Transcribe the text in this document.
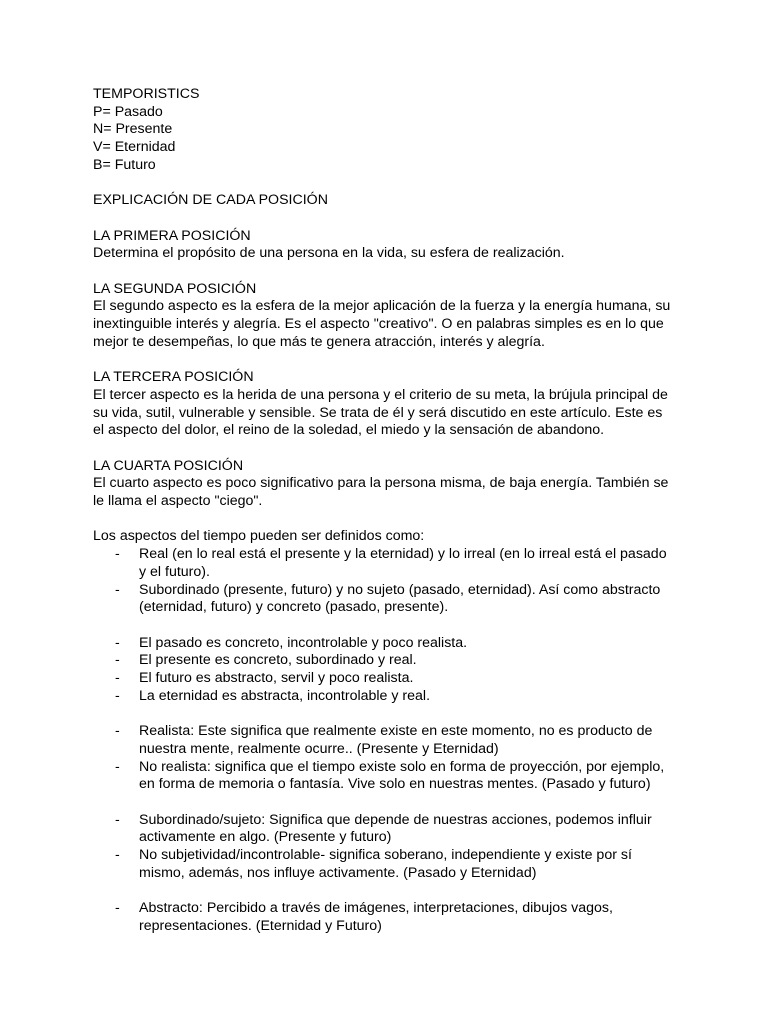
TEMPORISTICS
P= Pasado
N= Presente
V= Eternidad
B= Futuro
EXPLICACIÓN DE CADA POSICIÓN
LA PRIMERA POSICIÓN
Determina el propósito de una persona en la vida, su esfera de realización.
LA SEGUNDA POSICIÓN
El segundo aspecto es la esfera de la mejor aplicación de la fuerza y la energía humana, su
inextinguible interés y alegría. Es el aspecto "creativo". O en palabras simples es en lo que
mejor te desempeñas, lo que más te genera atracción, interés y alegría.
LA TERCERA POSICIÓN
El tercer aspecto es la herida de una persona y el criterio de su meta, la brújula principal de
su vida, sutil, vulnerable y sensible. Se trata de él y será discutido en este artículo. Este es
el aspecto del dolor, el reino de la soledad, el miedo y la sensación de abandono.
LA CUARTA POSICIÓN
El cuarto aspecto es poco significativo para la persona misma, de baja energía. También se
le llama el aspecto "ciego".
Los aspectos del tiempo pueden ser definidos como:
- Real (en lo real está el presente y la eternidad) y lo irreal (en lo irreal está el pasado
y el futuro).
- Subordinado (presente, futuro) y no sujeto (pasado, eternidad). Así como abstracto
(eternidad, futuro) y concreto (pasado, presente).
- El pasado es concreto, incontrolable y poco realista.
- El presente es concreto, subordinado y real.
- El futuro es abstracto, servil y poco realista.
- La eternidad es abstracta, incontrolable y real.
- Realista: Este significa que realmente existe en este momento, no es producto de
nuestra mente, realmente ocurre.. (Presente y Eternidad)
- No realista: significa que el tiempo existe solo en forma de proyección, por ejemplo,
en forma de memoria o fantasía. Vive solo en nuestras mentes. (Pasado y futuro)
- Subordinado/sujeto: Significa que depende de nuestras acciones, podemos influir
activamente en algo. (Presente y futuro)
- No subjetividad/incontrolable- significa soberano, independiente y existe por sí
mismo, además, nos influye activamente. (Pasado y Eternidad)
- Abstracto: Percibido a través de imágenes, interpretaciones, dibujos vagos,
representaciones. (Eternidad y Futuro)
